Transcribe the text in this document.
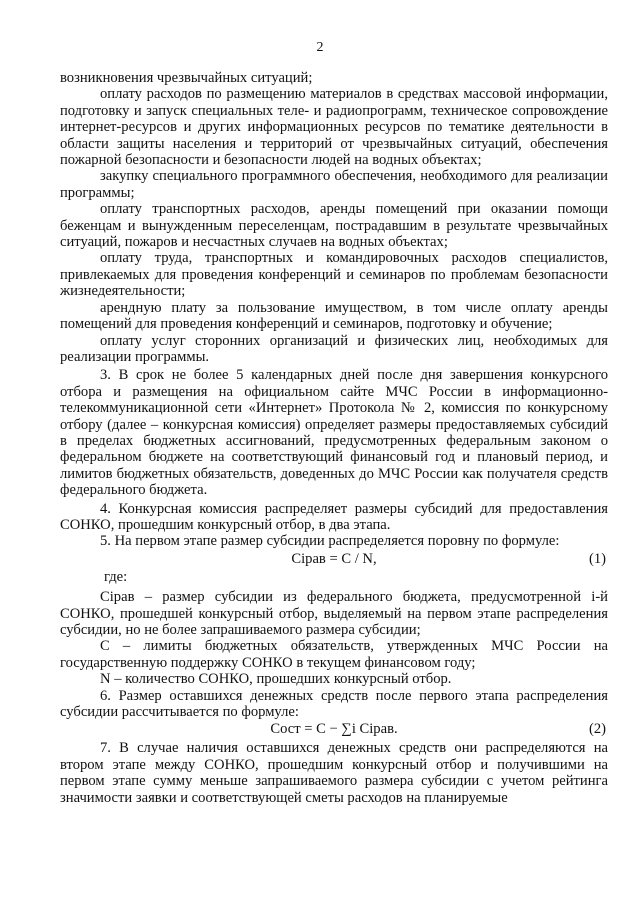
2

возникновения чрезвычайных ситуаций;

оплату расходов по размещению материалов в средствах массовой информации, подготовку и запуск специальных теле- и радиопрограмм, техническое сопровождение интернет-ресурсов и других информационных ресурсов по тематике деятельности в области защиты населения и территорий от чрезвычайных ситуаций, обеспечения пожарной безопасности и безопасности людей на водных объектах;

закупку специального программного обеспечения, необходимого для реализации программы;

оплату транспортных расходов, аренды помещений при оказании помощи беженцам и вынужденным переселенцам, пострадавшим в результате чрезвычайных ситуаций, пожаров и несчастных случаев на водных объектах;

оплату труда, транспортных и командировочных расходов специалистов, привлекаемых для проведения конференций и семинаров по проблемам безопасности жизнедеятельности;

арендную плату за пользование имуществом, в том числе оплату аренды помещений для проведения конференций и семинаров, подготовку и обучение;

оплату услуг сторонних организаций и физических лиц, необходимых для реализации программы.

3. В срок не более 5 календарных дней после дня завершения конкурсного отбора и размещения на официальном сайте МЧС России в информационно-телекоммуникационной сети «Интернет» Протокола № 2, комиссия по конкурсному отбору (далее – конкурсная комиссия) определяет размеры предоставляемых субсидий в пределах бюджетных ассигнований, предусмотренных федеральным законом о федеральном бюджете на соответствующий финансовый год и плановый период, и лимитов бюджетных обязательств, доведенных до МЧС России как получателя средств федерального бюджета.

4. Конкурсная комиссия распределяет размеры субсидий для предоставления СОНКО, прошедшим конкурсный отбор, в два этапа.

5. На первом этапе размер субсидии распределяется поровну по формуле:

Ciрав = C / N,	(1)
где:

Ciрав – размер субсидии из федерального бюджета, предусмотренной i-й СОНКО, прошедшей конкурсный отбор, выделяемый на первом этапе распределения субсидии, но не более запрашиваемого размера субсидии;

C – лимиты бюджетных обязательств, утвержденных МЧС России на государственную поддержку СОНКО в текущем финансовом году;

N – количество СОНКО, прошедших конкурсный отбор.

6. Размер оставшихся денежных средств после первого этапа распределения субсидии рассчитывается по формуле:

Сост = C − ∑i Ciрав.	(2)

7. В случае наличия оставшихся денежных средств они распределяются на втором этапе между СОНКО, прошедшим конкурсный отбор и получившими на первом этапе сумму меньше запрашиваемого размера субсидии с учетом рейтинга значимости заявки и соответствующей сметы расходов на планируемые
